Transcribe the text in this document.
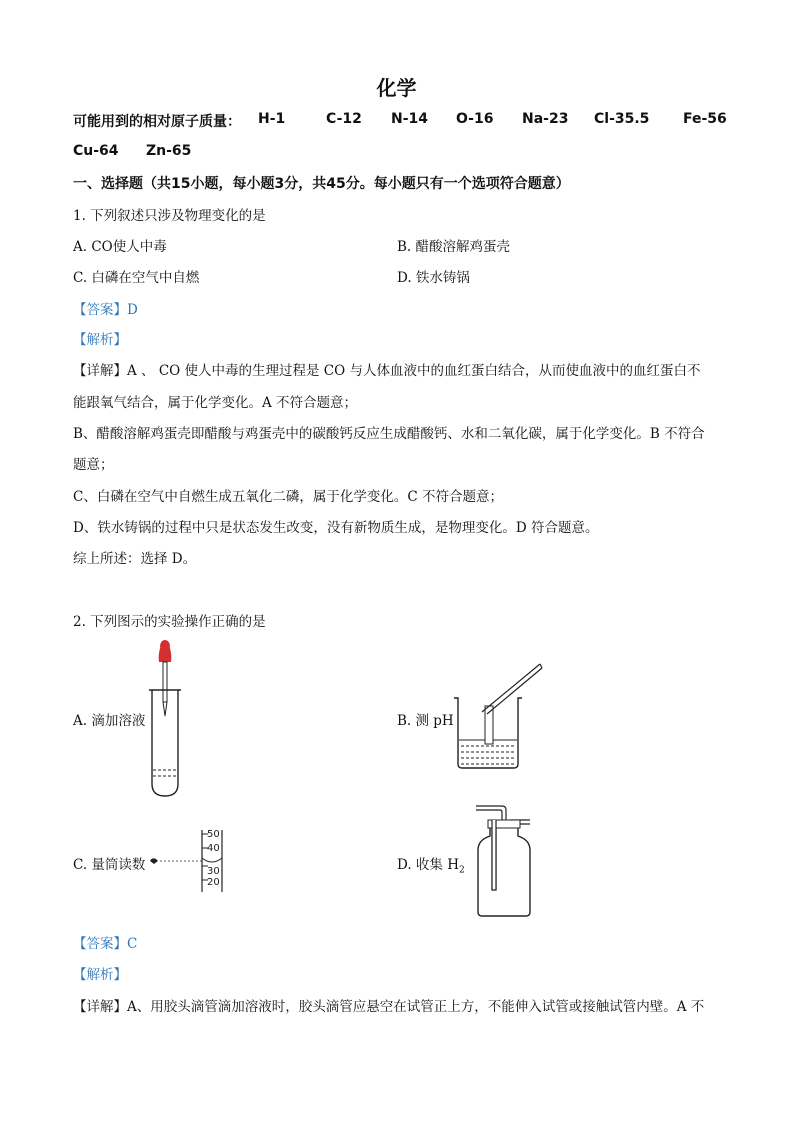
化学
可能用到的相对原子质量： H-1	C-12 N-14 O-16 Na-23 Cl-35.5 Fe-56
Cu-64 Zn-65
一、选择题（共15小题，每小题3分，共45分。每小题只有一个选项符合题意）
1. 下列叙述只涉及物理变化的是
A. CO使人中毒	B. 醋酸溶解鸡蛋壳
C. 白磷在空气中自燃	D. 铁水铸锅
【答案】D
【解析】
【详解】A 、 CO 使人中毒的生理过程是 CO 与人体血液中的血红蛋白结合，从而使血液中的血红蛋白不
能跟氧气结合，属于化学变化。A 不符合题意；
B、醋酸溶解鸡蛋壳即醋酸与鸡蛋壳中的碳酸钙反应生成醋酸钙、水和二氧化碳，属于化学变化。B 不符合
题意；
C、白磷在空气中自燃生成五氧化二磷，属于化学变化。C 不符合题意；
D、铁水铸锅的过程中只是状态发生改变，没有新物质生成，是物理变化。D 符合题意。
综上所述：选择 D。
2. 下列图示的实验操作正确的是
A. 滴加溶液	B. 测 pH
C. 量筒读数
50
40
30
20
D. 收集 $H_2$
【答案】C
【解析】
【详解】A、用胶头滴管滴加溶液时，胶头滴管应悬空在试管正上方，不能伸入试管或接触试管内壁。A 不
